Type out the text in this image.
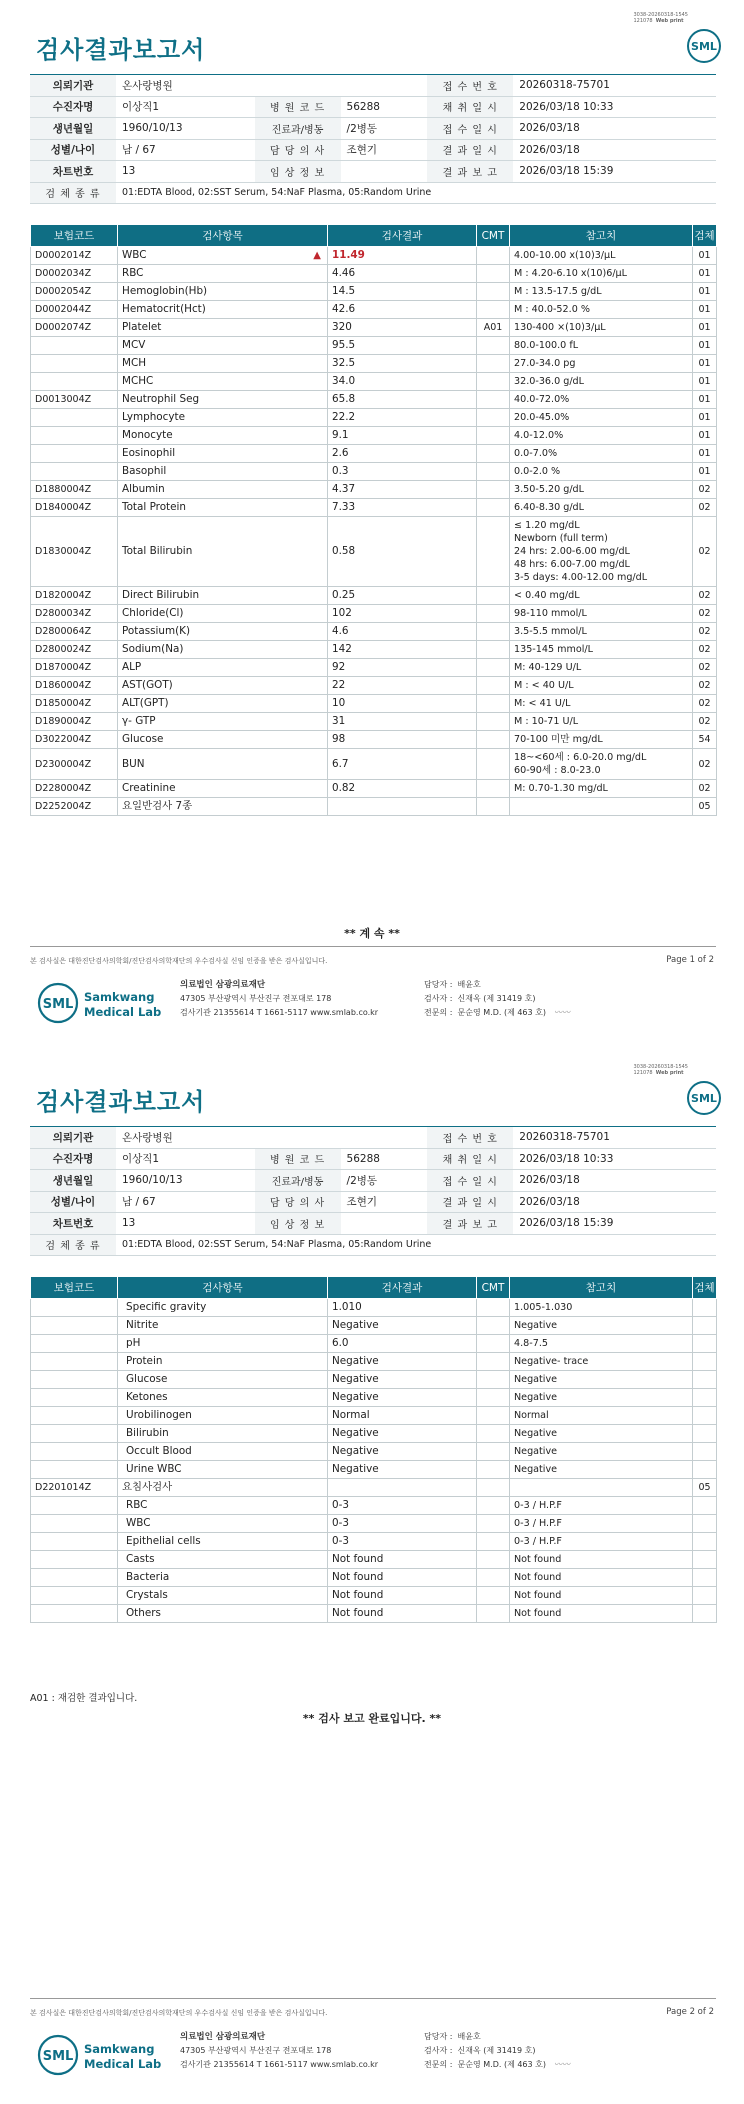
3038-20260318-1545
121078 Web print
검사결과보고서	SML
의뢰기관	온사랑병원			접 수 번 호	20260318-75701
수진자명	이상직1	병 원 코 드	56288	채 취 일 시	2026/03/18 10:33
생년월일	1960/10/13	진료과/병동	/2병동	접 수 일 시	2026/03/18
성별/나이	남 / 67	담 당 의 사	조현기	결 과 일 시	2026/03/18
차트번호	13	임 상 정 보		결 과 보 고	2026/03/18 15:39
검 체 종 류	01:EDTA Blood, 02:SST Serum, 54:NaF Plasma, 05:Random Urine				
보험코드	검사항목	검사결과	CMT	참고치	검체
D0002014Z	WBC ▲	11.49		4.00-10.00 x(10)3/μL	01
D0002034Z	RBC	4.46		M : 4.20-6.10 x(10)6/μL	01
D0002054Z	Hemoglobin(Hb)	14.5		M : 13.5-17.5 g/dL	01
D0002044Z	Hematocrit(Hct)	42.6		M : 40.0-52.0 %	01
D0002074Z	Platelet	320	A01	130-400 ×(10)3/μL	01
	MCV	95.5		80.0-100.0 fL	01
	MCH	32.5		27.0-34.0 pg	01
	MCHC	34.0		32.0-36.0 g/dL	01
D0013004Z	Neutrophil Seg	65.8		40.0-72.0%	01
	Lymphocyte	22.2		20.0-45.0%	01
	Monocyte	9.1		4.0-12.0%	01
	Eosinophil	2.6		0.0-7.0%	01
	Basophil	0.3		0.0-2.0 %	01
D1880004Z	Albumin	4.37		3.50-5.20 g/dL	02
D1840004Z	Total Protein	7.33		6.40-8.30 g/dL	02
D1830004Z	Total Bilirubin	0.58		≤ 1.20 mg/dL
Newborn (full term)
24 hrs: 2.00-6.00 mg/dL
48 hrs: 6.00-7.00 mg/dL
3-5 days: 4.00-12.00 mg/dL	02
D1820004Z	Direct Bilirubin	0.25		< 0.40 mg/dL	02
D2800034Z	Chloride(Cl)	102		98-110 mmol/L	02
D2800064Z	Potassium(K)	4.6		3.5-5.5 mmol/L	02
D2800024Z	Sodium(Na)	142		135-145 mmol/L	02
D1870004Z	ALP	92		M: 40-129 U/L	02
D1860004Z	AST(GOT)	22		M : < 40 U/L	02
D1850004Z	ALT(GPT)	10		M: < 41 U/L	02
D1890004Z	γ- GTP	31		M : 10-71 U/L	02
D3022004Z	Glucose	98		70-100 미만 mg/dL	54
D2300004Z	BUN	6.7		18~<60세 : 6.0-20.0 mg/dL
60-90세 : 8.0-23.0	02
D2280004Z	Creatinine	0.82		M: 0.70-1.30 mg/dL	02
D2252004Z	요일반검사 7종				05
** 계 속 **
본 검사실은 대한진단검사의학회/진단검사의학재단의 우수검사실 신임 인증을 받은 검사실입니다.	Page 1 of 2
SML Samkwang
Medical Lab
의료법인 삼광의료재단
47305 부산광역시 부산진구 전포대로 178
검사기관 21355614 T 1661-5117 www.smlab.co.kr
담당자 : 배윤호
검사자 : 신재옥 (제 31419 호)
전문의 : 문순영 M.D. (제 463 호) 〰〰
3038-20260318-1545
121078 Web print
검사결과보고서	SML
의뢰기관	온사랑병원			접 수 번 호	20260318-75701
수진자명	이상직1	병 원 코 드	56288	채 취 일 시	2026/03/18 10:33
생년월일	1960/10/13	진료과/병동	/2병동	접 수 일 시	2026/03/18
성별/나이	남 / 67	담 당 의 사	조현기	결 과 일 시	2026/03/18
차트번호	13	임 상 정 보		결 과 보 고	2026/03/18 15:39
검 체 종 류	01:EDTA Blood, 02:SST Serum, 54:NaF Plasma, 05:Random Urine				
보험코드	검사항목	검사결과	CMT	참고치	검체
	Specific gravity	1.010		1.005-1.030	
	Nitrite	Negative		Negative	
	pH	6.0		4.8-7.5	
	Protein	Negative		Negative- trace	
	Glucose	Negative		Negative	
	Ketones	Negative		Negative	
	Urobilinogen	Normal		Normal	
	Bilirubin	Negative		Negative	
	Occult Blood	Negative		Negative	
	Urine WBC	Negative		Negative	
D2201014Z	요침사검사				05
	RBC	0-3		0-3 / H.P.F	
	WBC	0-3		0-3 / H.P.F	
	Epithelial cells	0-3		0-3 / H.P.F	
	Casts	Not found		Not found	
	Bacteria	Not found		Not found	
	Crystals	Not found		Not found	
	Others	Not found		Not found	
A01 : 재검한 결과입니다.
** 검사 보고 완료입니다. **
본 검사실은 대한진단검사의학회/진단검사의학재단의 우수검사실 신임 인증을 받은 검사실입니다.	Page 2 of 2
SML Samkwang
Medical Lab
의료법인 삼광의료재단
47305 부산광역시 부산진구 전포대로 178
검사기관 21355614 T 1661-5117 www.smlab.co.kr
담당자 : 배윤호
검사자 : 신재옥 (제 31419 호)
전문의 : 문순영 M.D. (제 463 호) 〰〰
